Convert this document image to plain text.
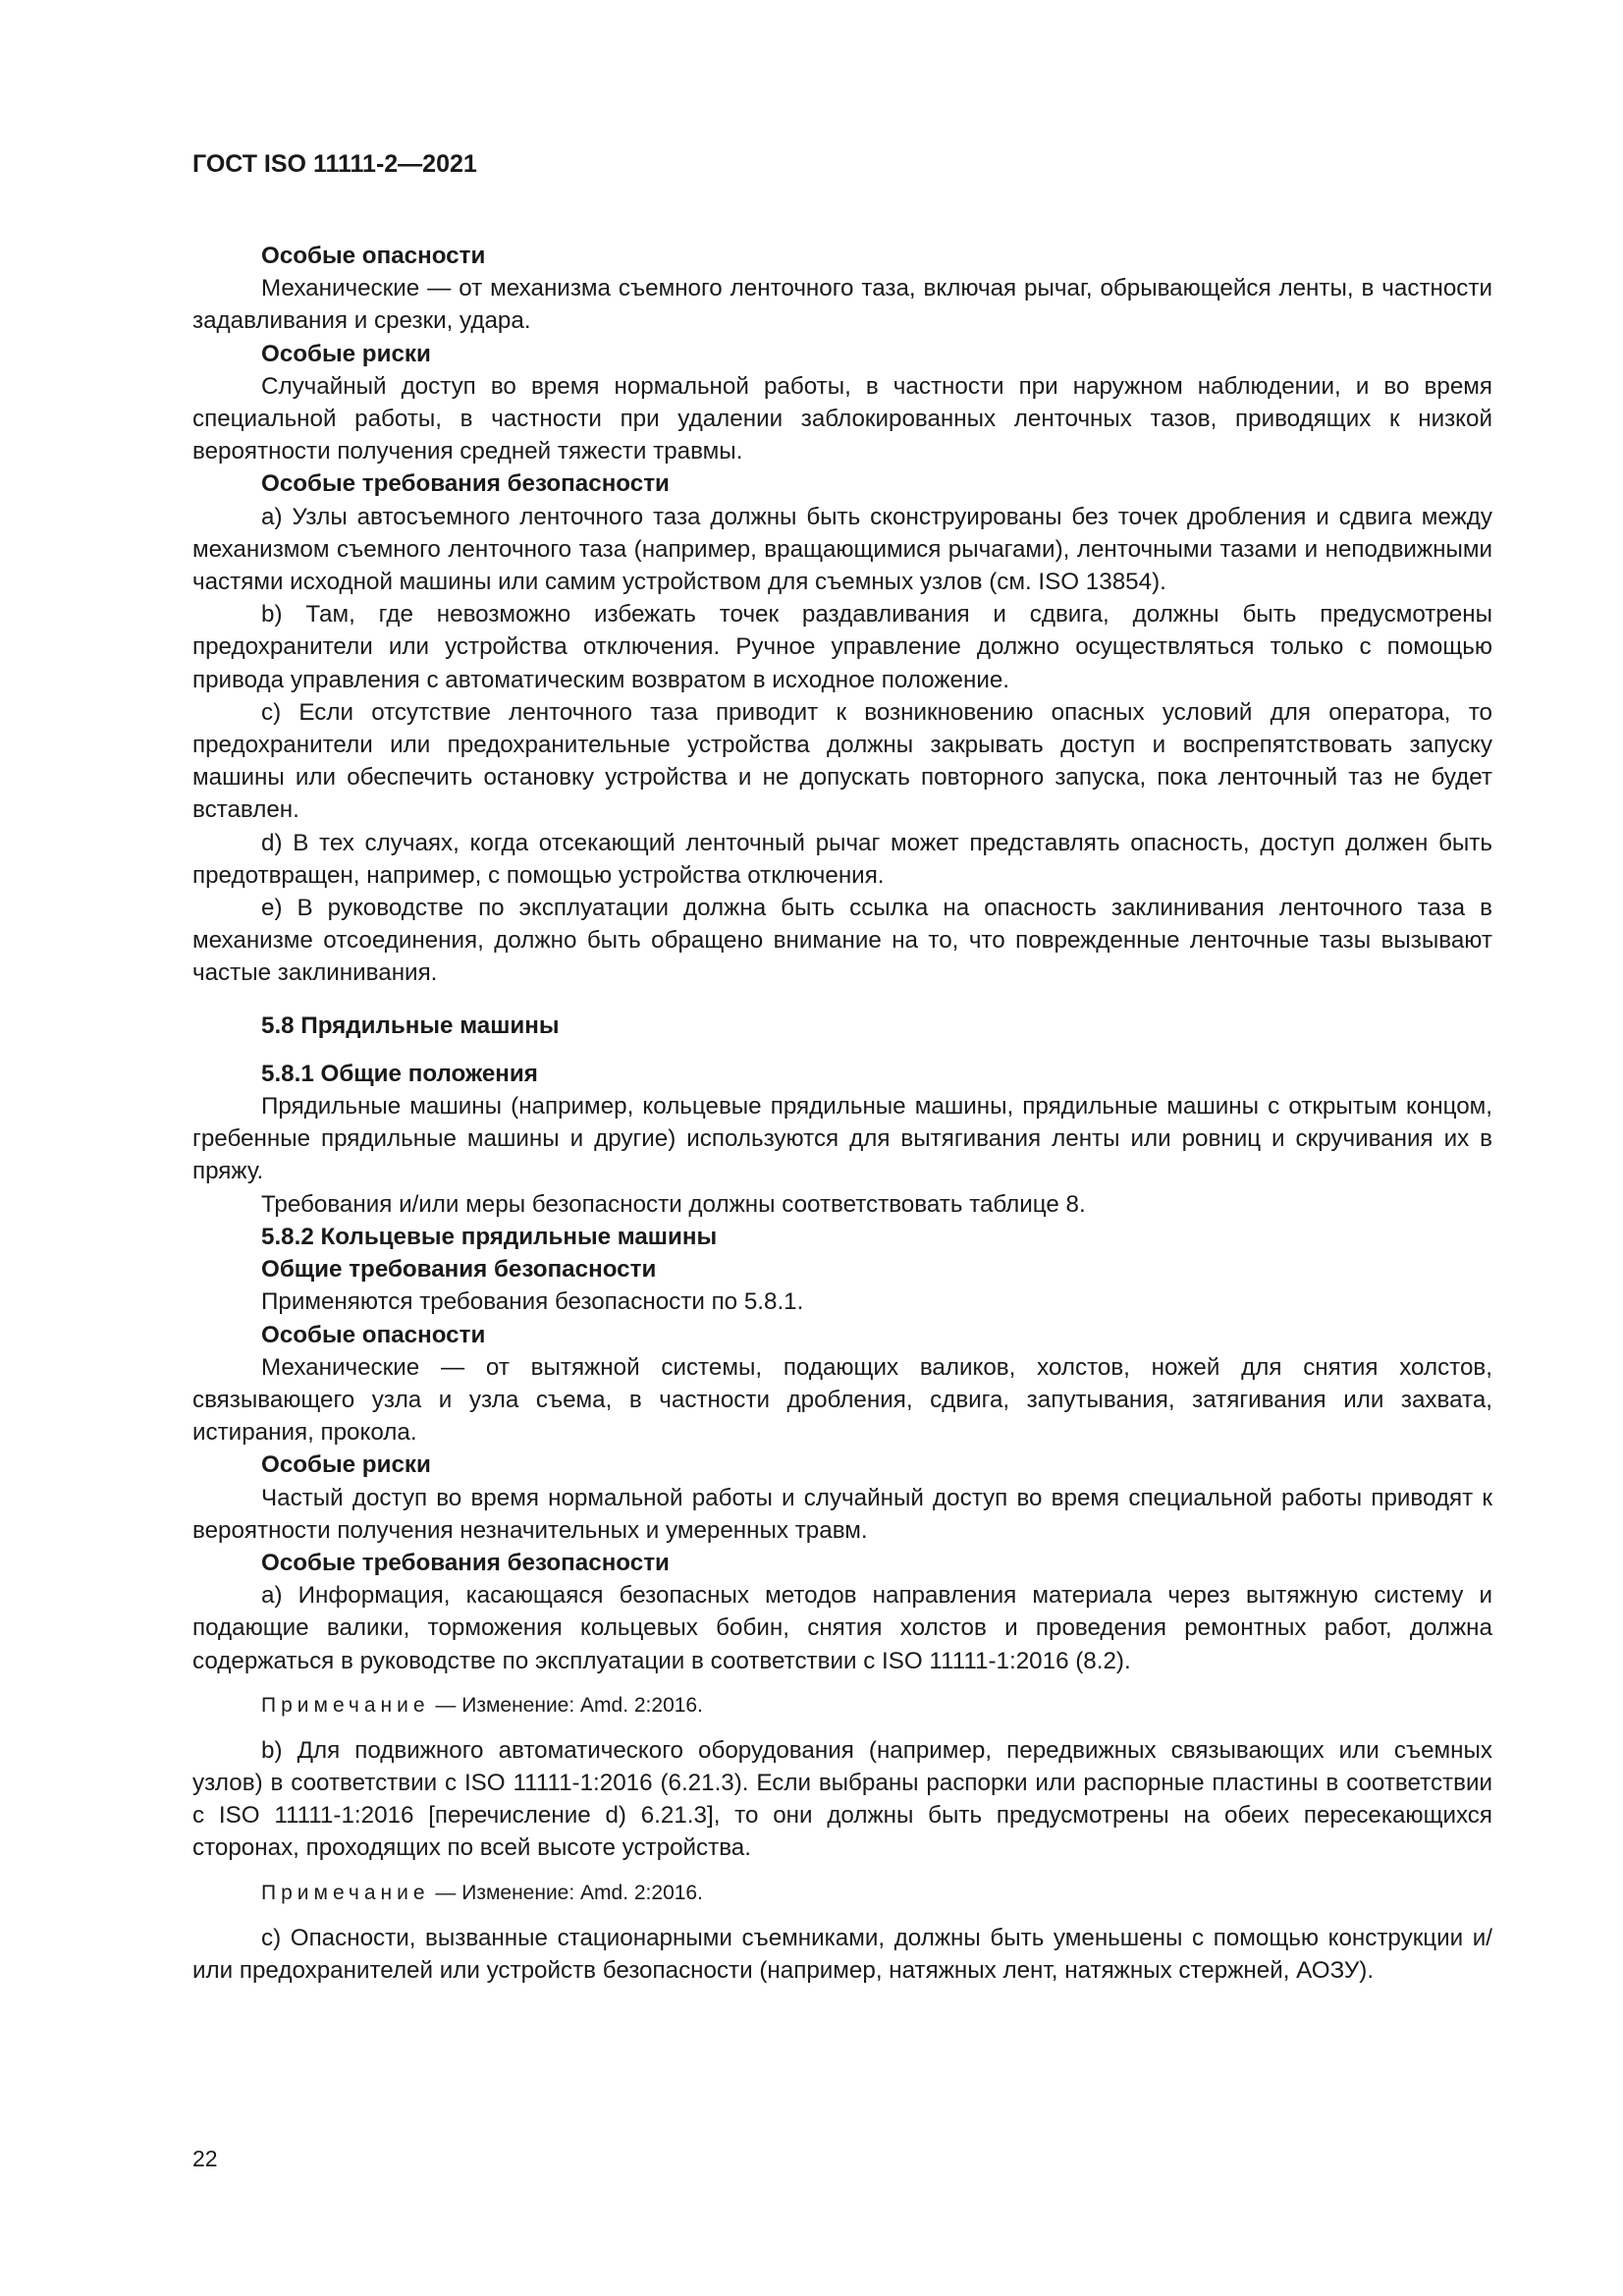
ГОСТ ISO 11111-2—2021
Особые опасности

Механические — от механизма съемного ленточного таза, включая рычаг, обрывающейся ленты, в частности задавливания и срезки, удара.

Особые риски

Случайный доступ во время нормальной работы, в частности при наружном наблюдении, и во время специальной работы, в частности при удалении заблокированных ленточных тазов, приводящих к низкой вероятности получения средней тяжести травмы.

Особые требования безопасности

а) Узлы автосъемного ленточного таза должны быть сконструированы без точек дробления и сдвига между механизмом съемного ленточного таза (например, вращающимися рычагами), ленточными тазами и неподвижными частями исходной машины или самим устройством для съемных узлов (см. ISO 13854).

b) Там, где невозможно избежать точек раздавливания и сдвига, должны быть предусмотрены предохранители или устройства отключения. Ручное управление должно осуществляться только с помощью привода управления с автоматическим возвратом в исходное положение.

с) Если отсутствие ленточного таза приводит к возникновению опасных условий для оператора, то предохранители или предохранительные устройства должны закрывать доступ и воспрепятствовать запуску машины или обеспечить остановку устройства и не допускать повторного запуска, пока ленточный таз не будет вставлен.

d) В тех случаях, когда отсекающий ленточный рычаг может представлять опасность, доступ должен быть предотвращен, например, с помощью устройства отключения.

е) В руководстве по эксплуатации должна быть ссылка на опасность заклинивания ленточного таза в механизме отсоединения, должно быть обращено внимание на то, что поврежденные ленточные тазы вызывают частые заклинивания.

5.8 Прядильные машины
5.8.1 Общие положения

Прядильные машины (например, кольцевые прядильные машины, прядильные машины с открытым концом, гребенные прядильные машины и другие) используются для вытягивания ленты или ровниц и скручивания их в пряжу.

Требования и/или меры безопасности должны соответствовать таблице 8.

5.8.2 Кольцевые прядильные машины
Общие требования безопасности

Применяются требования безопасности по 5.8.1.

Особые опасности

Механические — от вытяжной системы, подающих валиков, холстов, ножей для снятия холстов, связывающего узла и узла съема, в частности дробления, сдвига, запутывания, затягивания или захвата, истирания, прокола.

Особые риски

Частый доступ во время нормальной работы и случайный доступ во время специальной работы приводят к вероятности получения незначительных и умеренных травм.

Особые требования безопасности

а) Информация, касающаяся безопасных методов направления материала через вытяжную систему и подающие валики, торможения кольцевых бобин, снятия холстов и проведения ремонтных работ, должна содержаться в руководстве по эксплуатации в соответствии с ISO 11111-1:2016 (8.2).

Примечание — Изменение: Amd. 2:2016.

b) Для подвижного автоматического оборудования (например, передвижных связывающих или съемных узлов) в соответствии с ISO 11111-1:2016 (6.21.3). Если выбраны распорки или распорные пластины в соответствии с ISO 11111-1:2016 [перечисление d) 6.21.3], то они должны быть предусмотрены на обеих пересекающихся сторонах, проходящих по всей высоте устройства.

Примечание — Изменение: Amd. 2:2016.

с) Опасности, вызванные стационарными съемниками, должны быть уменьшены с помощью конструкции и/или предохранителей или устройств безопасности (например, натяжных лент, натяжных стержней, АОЗУ).

22
